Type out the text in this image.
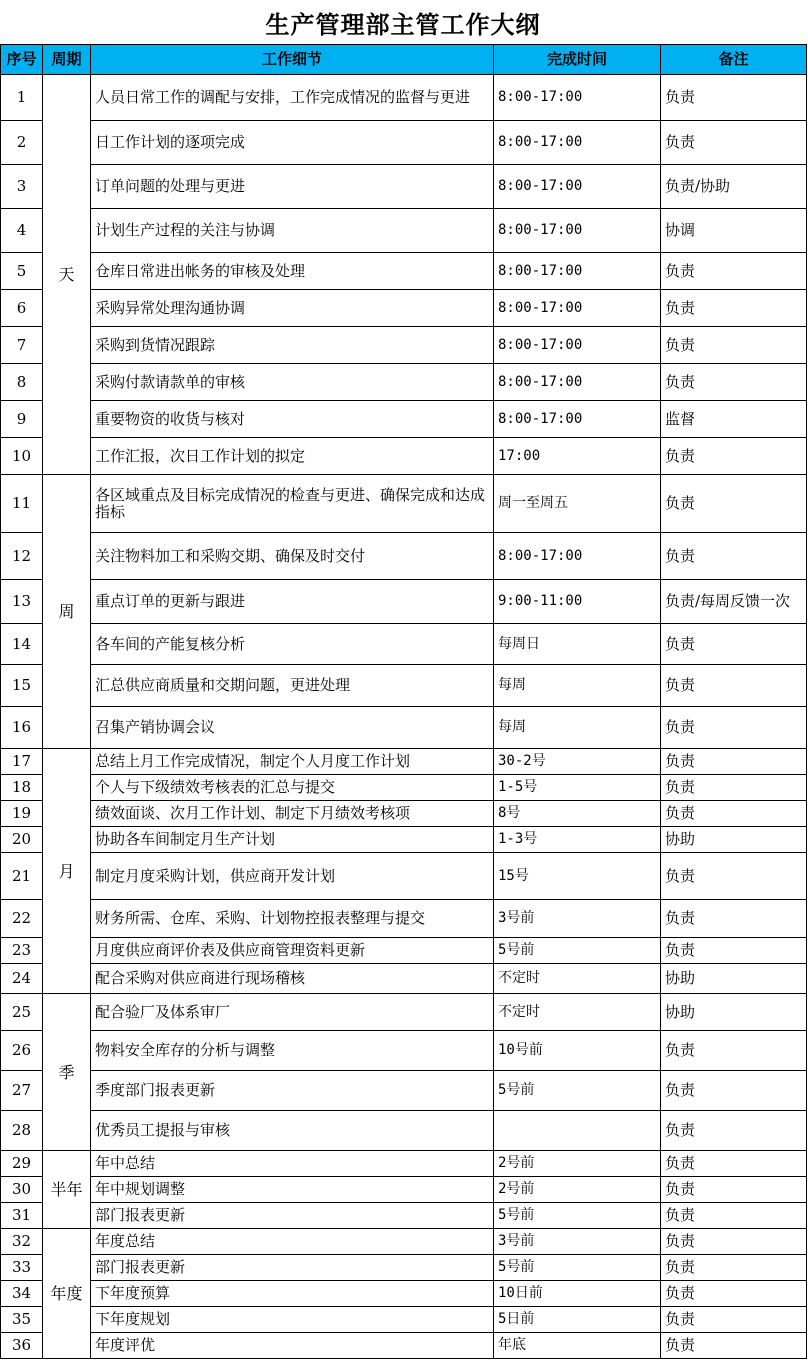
生产管理部主管工作大纲
序号	周期	工作细节	完成时间	备注
1	天	人员日常工作的调配与安排，工作完成情况的监督与更进	8:00-17:00	负责
2		日工作计划的逐项完成	8:00-17:00	负责
3		订单问题的处理与更进	8:00-17:00	负责/协助
4		计划生产过程的关注与协调	8:00-17:00	协调
5		仓库日常进出帐务的审核及处理	8:00-17:00	负责
6		采购异常处理沟通协调	8:00-17:00	负责
7		采购到货情况跟踪	8:00-17:00	负责
8		采购付款请款单的审核	8:00-17:00	负责
9		重要物资的收货与核对	8:00-17:00	监督
10		工作汇报，次日工作计划的拟定	17:00	负责
11	周	各区域重点及目标完成情况的检查与更进、确保完成和达成指标	周一至周五	负责
12		关注物料加工和采购交期、确保及时交付	8:00-17:00	负责
13		重点订单的更新与跟进	9:00-11:00	负责/每周反馈一次
14		各车间的产能复核分析	每周日	负责
15		汇总供应商质量和交期问题，更进处理	每周	负责
16		召集产销协调会议	每周	负责
17	月	总结上月工作完成情况，制定个人月度工作计划	30-2号	负责
18		个人与下级绩效考核表的汇总与提交	1-5号	负责
19		绩效面谈、次月工作计划、制定下月绩效考核项	8号	负责
20		协助各车间制定月生产计划	1-3号	协助
21		制定月度采购计划，供应商开发计划	15号	负责
22		财务所需、仓库、采购、计划物控报表整理与提交	3号前	负责
23		月度供应商评价表及供应商管理资料更新	5号前	负责
24		配合采购对供应商进行现场稽核	不定时	协助
25	季	配合验厂及体系审厂	不定时	协助
26		物料安全库存的分析与调整	10号前	负责
27		季度部门报表更新	5号前	负责
28		优秀员工提报与审核		负责
29	半年	年中总结	2号前	负责
30		年中规划调整	2号前	负责
31		部门报表更新	5号前	负责
32	年度	年度总结	3号前	负责
33		部门报表更新	5号前	负责
34		下年度预算	10日前	负责
35		下年度规划	5日前	负责
36		年度评优	年底	负责
